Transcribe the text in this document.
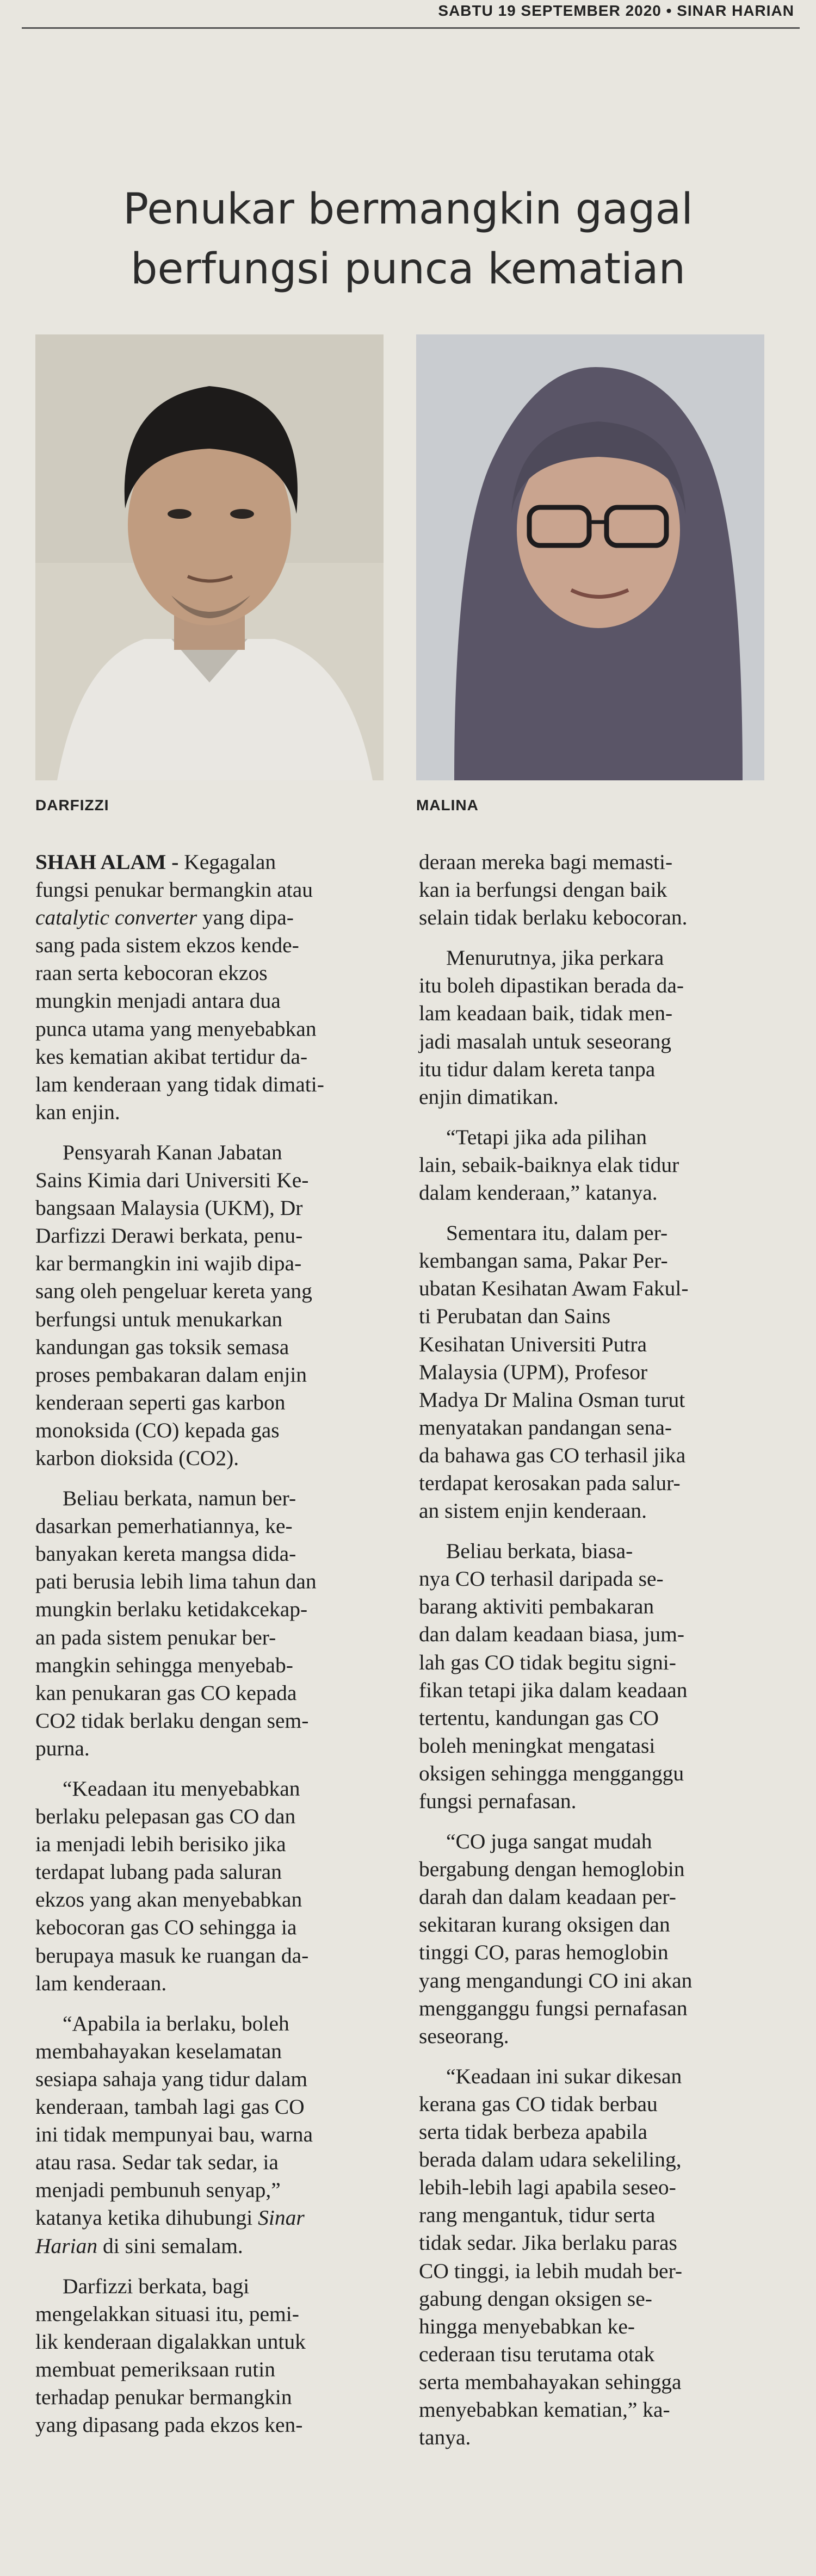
SABTU 19 SEPTEMBER 2020 • SINAR HARIAN
Penukar bermangkin gagal
berfungsi punca kematian
DARFIZZI	MALINA
SHAH ALAM - Kegagalan
fungsi penukar bermangkin atau
catalytic converter yang dipa-
sang pada sistem ekzos kende-
raan serta kebocoran ekzos
mungkin menjadi antara dua
punca utama yang menyebabkan
kes kematian akibat tertidur da-
lam kenderaan yang tidak dimati-
kan enjin.
Pensyarah Kanan Jabatan
Sains Kimia dari Universiti Ke-
bangsaan Malaysia (UKM), Dr
Darfizzi Derawi berkata, penu-
kar bermangkin ini wajib dipa-
sang oleh pengeluar kereta yang
berfungsi untuk menukarkan
kandungan gas toksik semasa
proses pembakaran dalam enjin
kenderaan seperti gas karbon
monoksida (CO) kepada gas
karbon dioksida (CO2).
Beliau berkata, namun ber-
dasarkan pemerhatiannya, ke-
banyakan kereta mangsa dida-
pati berusia lebih lima tahun dan
mungkin berlaku ketidakcekap-
an pada sistem penukar ber-
mangkin sehingga menyebab-
kan penukaran gas CO kepada
CO2 tidak berlaku dengan sem-
purna.
“Keadaan itu menyebabkan
berlaku pelepasan gas CO dan
ia menjadi lebih berisiko jika
terdapat lubang pada saluran
ekzos yang akan menyebabkan
kebocoran gas CO sehingga ia
berupaya masuk ke ruangan da-
lam kenderaan.
“Apabila ia berlaku, boleh
membahayakan keselamatan
sesiapa sahaja yang tidur dalam
kenderaan, tambah lagi gas CO
ini tidak mempunyai bau, warna
atau rasa. Sedar tak sedar, ia
menjadi pembunuh senyap,”
katanya ketika dihubungi Sinar
Harian di sini semalam.
Darfizzi berkata, bagi
mengelakkan situasi itu, pemi-
lik kenderaan digalakkan untuk
membuat pemeriksaan rutin
terhadap penukar bermangkin
yang dipasang pada ekzos ken-
deraan mereka bagi memasti-
kan ia berfungsi dengan baik
selain tidak berlaku kebocoran.
Menurutnya, jika perkara
itu boleh dipastikan berada da-
lam keadaan baik, tidak men-
jadi masalah untuk seseorang
itu tidur dalam kereta tanpa
enjin dimatikan.
“Tetapi jika ada pilihan
lain, sebaik-baiknya elak tidur
dalam kenderaan,” katanya.
Sementara itu, dalam per-
kembangan sama, Pakar Per-
ubatan Kesihatan Awam Fakul-
ti Perubatan dan Sains
Kesihatan Universiti Putra
Malaysia (UPM), Profesor
Madya Dr Malina Osman turut
menyatakan pandangan sena-
da bahawa gas CO terhasil jika
terdapat kerosakan pada salur-
an sistem enjin kenderaan.
Beliau berkata, biasa-
nya CO terhasil daripada se-
barang aktiviti pembakaran
dan dalam keadaan biasa, jum-
lah gas CO tidak begitu signi-
fikan tetapi jika dalam keadaan
tertentu, kandungan gas CO
boleh meningkat mengatasi
oksigen sehingga mengganggu
fungsi pernafasan.
“CO juga sangat mudah
bergabung dengan hemoglobin
darah dan dalam keadaan per-
sekitaran kurang oksigen dan
tinggi CO, paras hemoglobin
yang mengandungi CO ini akan
mengganggu fungsi pernafasan
seseorang.
“Keadaan ini sukar dikesan
kerana gas CO tidak berbau
serta tidak berbeza apabila
berada dalam udara sekeliling,
lebih-lebih lagi apabila seseo-
rang mengantuk, tidur serta
tidak sedar. Jika berlaku paras
CO tinggi, ia lebih mudah ber-
gabung dengan oksigen se-
hingga menyebabkan ke-
cederaan tisu terutama otak
serta membahayakan sehingga
menyebabkan kematian,” ka-
tanya.
